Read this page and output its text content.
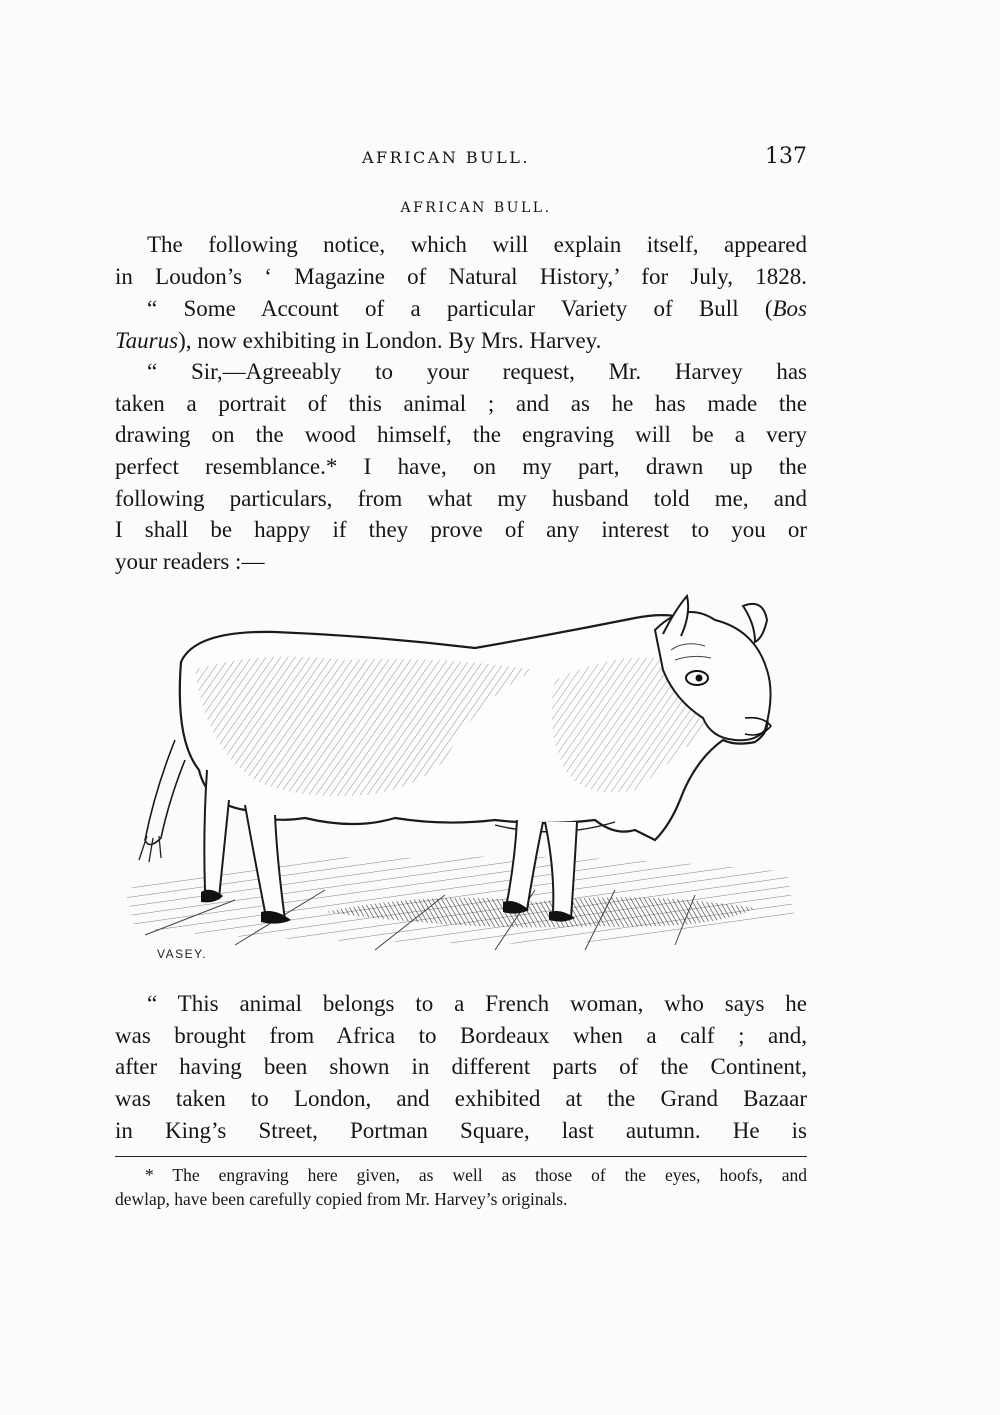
AFRICAN BULL.	137
AFRICAN BULL.

The following notice, which will explain itself, appeared
in Loudon’s ‘ Magazine of Natural History,’ for July, 1828.

“ Some Account of a particular Variety of Bull (Bos
Taurus), now exhibiting in London. By Mrs. Harvey.

“ Sir,—Agreeably to your request, Mr. Harvey has
taken a portrait of this animal ; and as he has made the
drawing on the wood himself, the engraving will be a very
perfect resemblance.* I have, on my part, drawn up the
following particulars, from what my husband told me, and
I shall be happy if they prove of any interest to you or
your readers :—

VASEY.

“ This animal belongs to a French woman, who says he
was brought from Africa to Bordeaux when a calf ; and,
after having been shown in different parts of the Continent,
was taken to London, and exhibited at the Grand Bazaar
in King’s Street, Portman Square, last autumn. He is

* The engraving here given, as well as those of the eyes, hoofs, and
dewlap, have been carefully copied from Mr. Harvey’s originals.
